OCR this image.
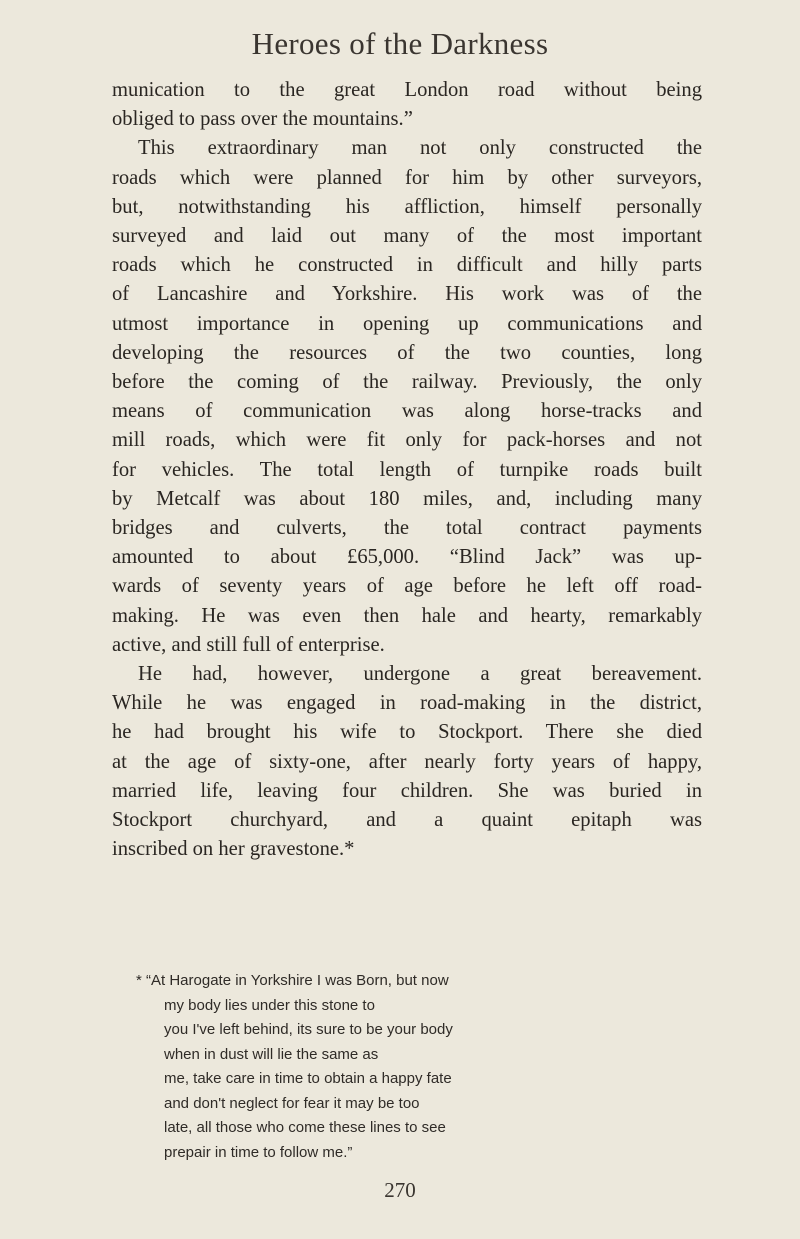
Heroes of the Darkness
munication to the great London road without being
obliged to pass over the mountains.”
This extraordinary man not only constructed the
roads which were planned for him by other surveyors,
but, notwithstanding his affliction, himself personally
surveyed and laid out many of the most important
roads which he constructed in difficult and hilly parts
of Lancashire and Yorkshire. His work was of the
utmost importance in opening up communications and
developing the resources of the two counties, long
before the coming of the railway. Previously, the only
means of communication was along horse-tracks and
mill roads, which were fit only for pack-horses and not
for vehicles. The total length of turnpike roads built
by Metcalf was about 180 miles, and, including many
bridges and culverts, the total contract payments
amounted to about £65,000. “Blind Jack” was up-
wards of seventy years of age before he left off road-
making. He was even then hale and hearty, remarkably
active, and still full of enterprise.
He had, however, undergone a great bereavement.
While he was engaged in road-making in the district,
he had brought his wife to Stockport. There she died
at the age of sixty-one, after nearly forty years of happy,
married life, leaving four children. She was buried in
Stockport churchyard, and a quaint epitaph was
inscribed on her gravestone.*
* “At Harogate in Yorkshire I was Born, but now
my body lies under this stone to
you I've left behind, its sure to be your body
when in dust will lie the same as
me, take care in time to obtain a happy fate
and don't neglect for fear it may be too
late, all those who come these lines to see
prepair in time to follow me.”
270
